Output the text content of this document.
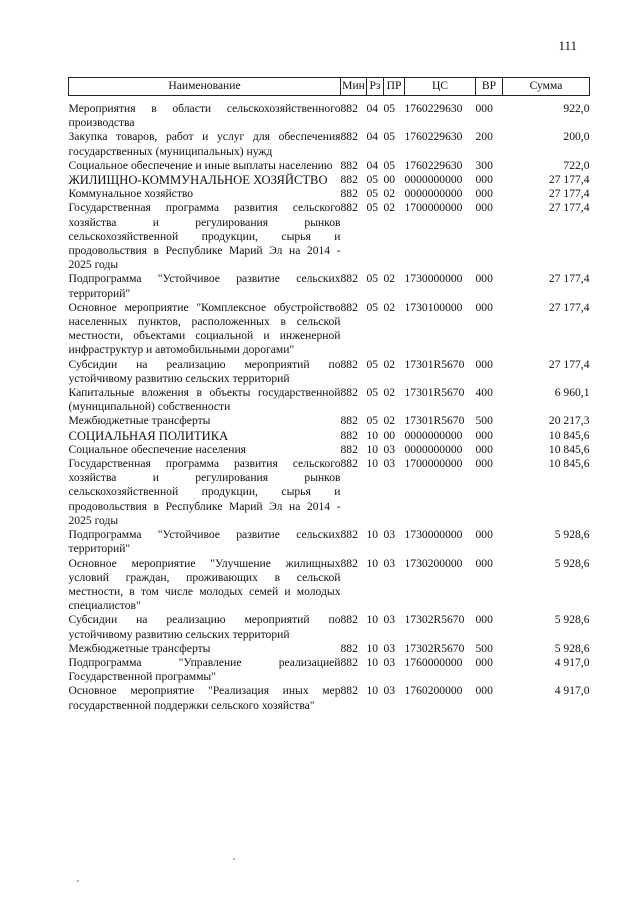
111
Наименование	Мин	Рз	ПР	ЦС	ВР	Сумма
Мероприятия в области сельскохозяйственного производства	882	04	05	1760229630	000	922,0
Закупка товаров, работ и услуг для обеспечения государственных (муниципальных) нужд	882	04	05	1760229630	200	200,0
Социальное обеспечение и иные выплаты населению	882	04	05	1760229630	300	722,0
ЖИЛИЩНО-КОММУНАЛЬНОЕ ХОЗЯЙСТВО	882	05	00	0000000000	000	27 177,4
Коммунальное хозяйство	882	05	02	0000000000	000	27 177,4
Государственная программа развития сельского хозяйства и регулирования рынков сельскохозяйственной продукции, сырья и продовольствия в Республике Марий Эл на 2014 - 2025 годы	882	05	02	1700000000	000	27 177,4
Подпрограмма "Устойчивое развитие сельских территорий"	882	05	02	1730000000	000	27 177,4
Основное мероприятие "Комплексное обустройство населенных пунктов, расположенных в сельской местности, объектами социальной и инженерной инфраструктур и автомобильными дорогами"	882	05	02	1730100000	000	27 177,4
Субсидии на реализацию мероприятий по устойчивому развитию сельских территорий	882	05	02	17301R5670	000	27 177,4
Капитальные вложения в объекты государственной (муниципальной) собственности	882	05	02	17301R5670	400	6 960,1
Межбюджетные трансферты	882	05	02	17301R5670	500	20 217,3
СОЦИАЛЬНАЯ ПОЛИТИКА	882	10	00	0000000000	000	10 845,6
Социальное обеспечение населения	882	10	03	0000000000	000	10 845,6
Государственная программа развития сельского хозяйства и регулирования рынков сельскохозяйственной продукции, сырья и продовольствия в Республике Марий Эл на 2014 - 2025 годы	882	10	03	1700000000	000	10 845,6
Подпрограмма "Устойчивое развитие сельских территорий"	882	10	03	1730000000	000	5 928,6
Основное мероприятие "Улучшение жилищных условий граждан, проживающих в сельской местности, в том числе молодых семей и молодых специалистов"	882	10	03	1730200000	000	5 928,6
Субсидии на реализацию мероприятий по устойчивому развитию сельских территорий	882	10	03	17302R5670	000	5 928,6
Межбюджетные трансферты	882	10	03	17302R5670	500	5 928,6
Подпрограмма "Управление реализацией Государственной программы"	882	10	03	1760000000	000	4 917,0
Основное мероприятие "Реализация иных мер государственной поддержки сельского хозяйства"	882	10	03	1760200000	000	4 917,0
